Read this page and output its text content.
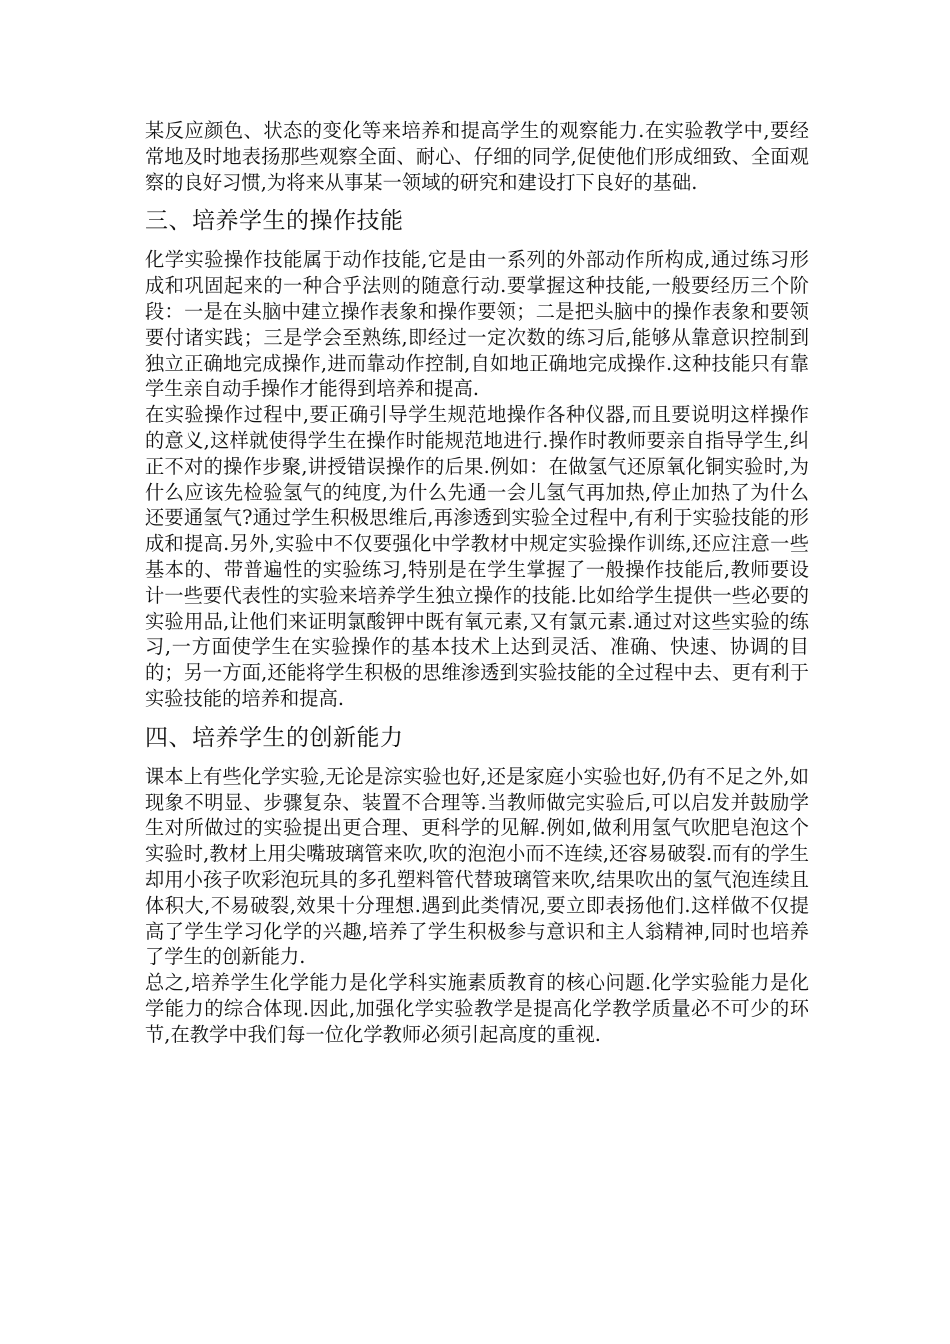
某反应颜色、状态的变化等来培养和提高学生的观察能力.在实验教学中,要经常地及时地表扬那些观察全面、耐心、仔细的同学,促使他们形成细致、全面观察的良好习惯,为将来从事某一领域的研究和建设打下良好的基础.

三、培养学生的操作技能

化学实验操作技能属于动作技能,它是由一系列的外部动作所构成,通过练习形成和巩固起来的一种合乎法则的随意行动.要掌握这种技能,一般要经历三个阶段：一是在头脑中建立操作表象和操作要领；二是把头脑中的操作表象和要领要付诸实践；三是学会至熟练,即经过一定次数的练习后,能够从靠意识控制到独立正确地完成操作,进而靠动作控制,自如地正确地完成操作.这种技能只有靠学生亲自动手操作才能得到培养和提高.

在实验操作过程中,要正确引导学生规范地操作各种仪器,而且要说明这样操作的意义,这样就使得学生在操作时能规范地进行.操作时教师要亲自指导学生,纠正不对的操作步聚,讲授错误操作的后果.例如：在做氢气还原氧化铜实验时,为什么应该先检验氢气的纯度,为什么先通一会儿氢气再加热,停止加热了为什么还要通氢气?通过学生积极思维后,再渗透到实验全过程中,有利于实验技能的形成和提高.另外,实验中不仅要强化中学教材中规定实验操作训练,还应注意一些基本的、带普遍性的实验练习,特别是在学生掌握了一般操作技能后,教师要设计一些要代表性的实验来培养学生独立操作的技能.比如给学生提供一些必要的实验用品,让他们来证明氯酸钾中既有氧元素,又有氯元素.通过对这些实验的练习,一方面使学生在实验操作的基本技术上达到灵活、准确、快速、协调的目的；另一方面,还能将学生积极的思维渗透到实验技能的全过程中去、更有利于实验技能的培养和提高.

四、培养学生的创新能力

课本上有些化学实验,无论是淙实验也好,还是家庭小实验也好,仍有不足之外,如现象不明显、步骤复杂、装置不合理等.当教师做完实验后,可以启发并鼓励学生对所做过的实验提出更合理、更科学的见解.例如,做利用氢气吹肥皂泡这个实验时,教材上用尖嘴玻璃管来吹,吹的泡泡小而不连续,还容易破裂.而有的学生却用小孩子吹彩泡玩具的多孔塑料管代替玻璃管来吹,结果吹出的氢气泡连续且体积大,不易破裂,效果十分理想.遇到此类情况,要立即表扬他们.这样做不仅提高了学生学习化学的兴趣,培养了学生积极参与意识和主人翁精神,同时也培养了学生的创新能力.

总之,培养学生化学能力是化学科实施素质教育的核心问题.化学实验能力是化学能力的综合体现.因此,加强化学实验教学是提高化学教学质量必不可少的环节,在教学中我们每一位化学教师必须引起高度的重视.
